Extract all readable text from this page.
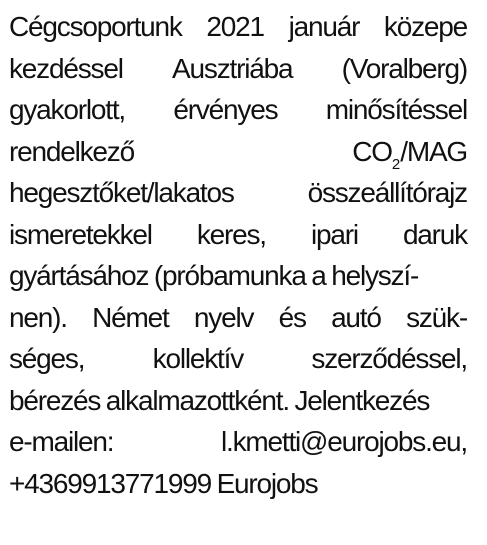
Cégcsoportunk 2021 január közepe
kezdéssel Ausztriába (Voralberg)
gyakorlott, érvényes minősítéssel
rendelkező	$CO_2$/MAG
hegesztőket/lakatos	összeállítórajz
ismeretekkel keres, ipari daruk
gyártásához (próbamunka a helyszí-
nen). Német nyelv és autó szük-
séges, kollektív szerződéssel,
bérezés alkalmazottként. Jelentkezés
e-mailen:	l.kmetti@eurojobs.eu,
+4369913771999 Eurojobs
